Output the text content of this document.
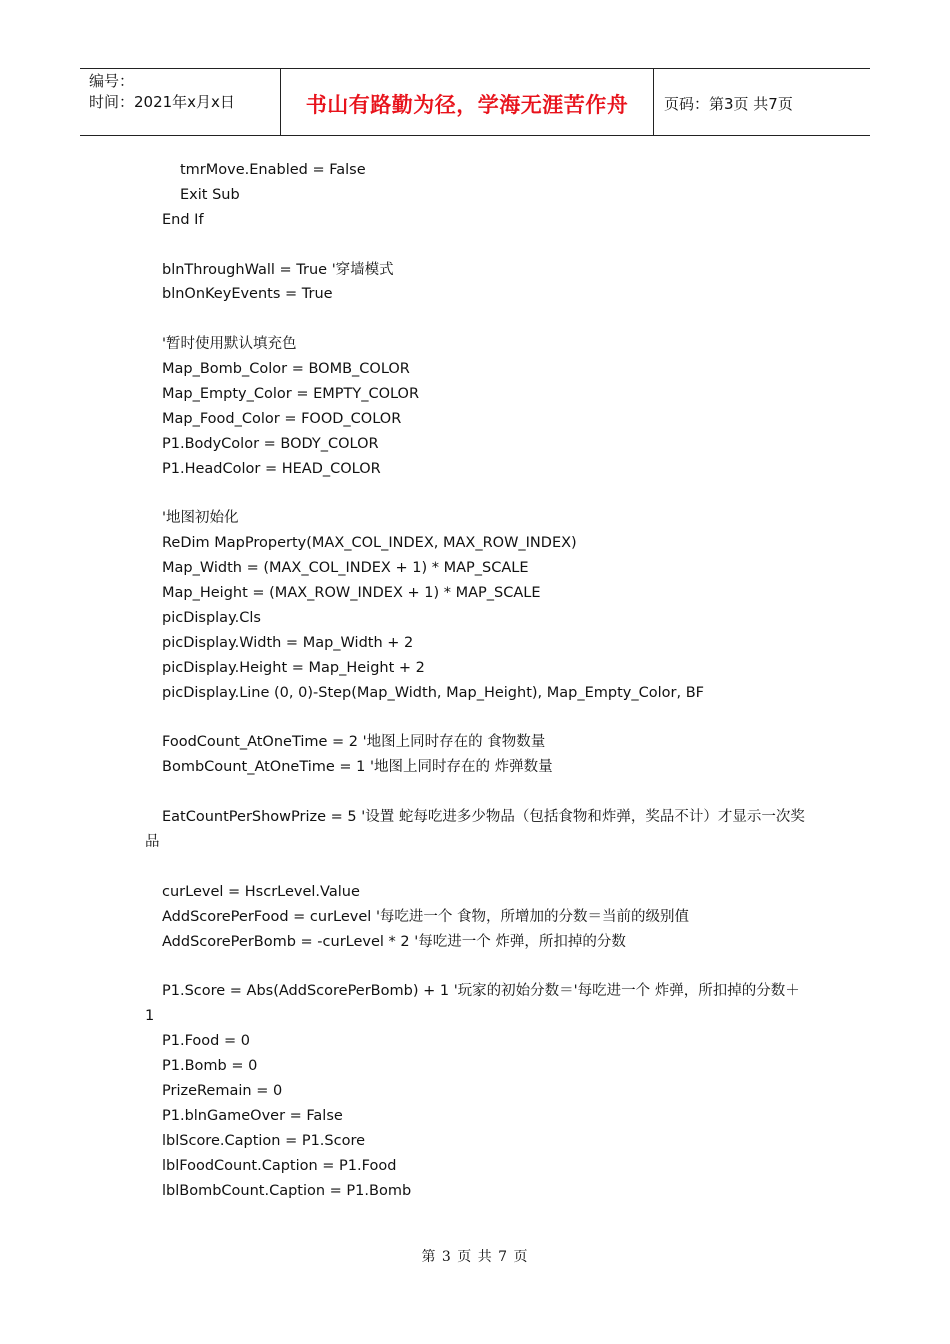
编号：
时间：2021年x月x日	书山有路勤为径，学海无涯苦作舟	页码：第3页 共7页
tmrMove.Enabled = False
Exit Sub
End If
blnThroughWall = True '穿墙模式
blnOnKeyEvents = True
'暂时使用默认填充色
Map_Bomb_Color = BOMB_COLOR
Map_Empty_Color = EMPTY_COLOR
Map_Food_Color = FOOD_COLOR
P1.BodyColor = BODY_COLOR
P1.HeadColor = HEAD_COLOR
'地图初始化
ReDim MapProperty(MAX_COL_INDEX, MAX_ROW_INDEX)
Map_Width = (MAX_COL_INDEX + 1) * MAP_SCALE
Map_Height = (MAX_ROW_INDEX + 1) * MAP_SCALE
picDisplay.Cls
picDisplay.Width = Map_Width + 2
picDisplay.Height = Map_Height + 2
picDisplay.Line (0, 0)-Step(Map_Width, Map_Height), Map_Empty_Color, BF
FoodCount_AtOneTime = 2 '地图上同时存在的 食物数量
BombCount_AtOneTime = 1 '地图上同时存在的 炸弹数量
EatCountPerShowPrize = 5 '设置 蛇每吃进多少物品（包括食物和炸弹，奖品不计）才显示一次奖
品
curLevel = HscrLevel.Value
AddScorePerFood = curLevel '每吃进一个 食物，所增加的分数＝当前的级别值
AddScorePerBomb = -curLevel * 2 '每吃进一个 炸弹，所扣掉的分数
P1.Score = Abs(AddScorePerBomb) + 1 '玩家的初始分数＝'每吃进一个 炸弹，所扣掉的分数＋
1
P1.Food = 0
P1.Bomb = 0
PrizeRemain = 0
P1.blnGameOver = False
lblScore.Caption = P1.Score
lblFoodCount.Caption = P1.Food
lblBombCount.Caption = P1.Bomb
第 3 页 共 7 页
